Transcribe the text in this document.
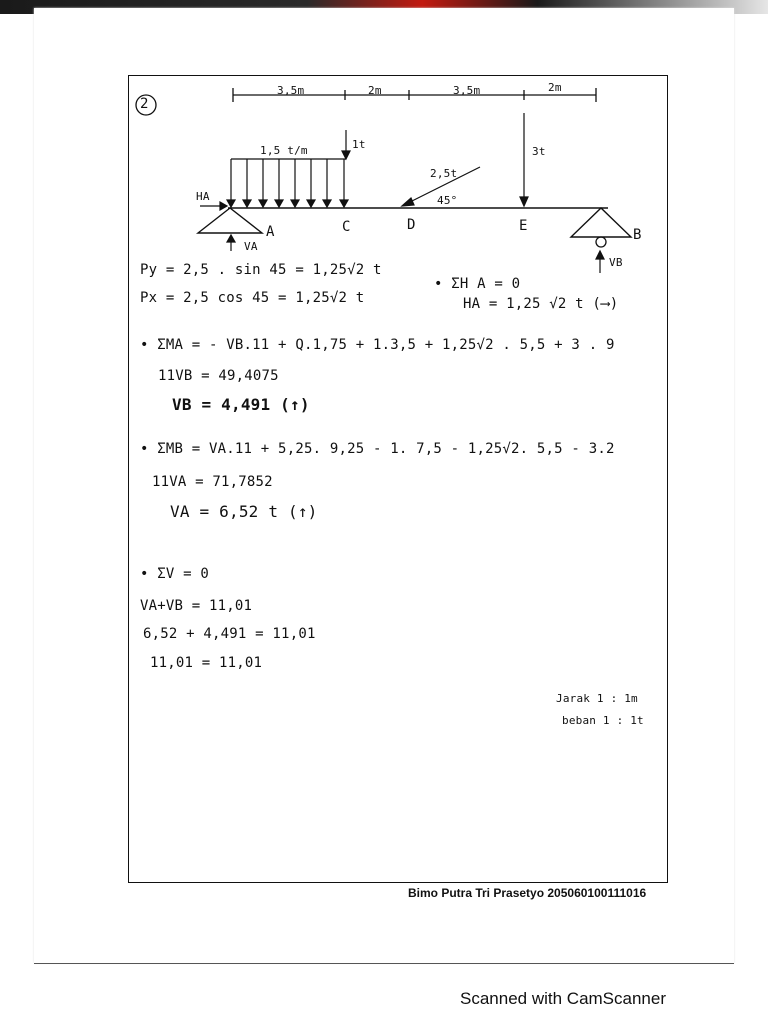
2
3,5m	2m	3,5m	2m
1,5 t/m	1t
2,5t
45°
3t
HA
A
VA
C	D	E
B
VB
Py = 2,5 . sin 45 = 1,25√2 t
Px = 2,5 cos 45 = 1,25√2 t
• ΣH A = 0
HA = 1,25 √2 t (⟶)
• ΣMA = - VB.11 + Q.1,75 + 1.3,5 + 1,25√2 . 5,5 + 3 . 9
11VB = 49,4075
VB = 4,491 (↑)
• ΣMB = VA.11 + 5,25. 9,25 - 1. 7,5 - 1,25√2. 5,5 - 3.2
11VA = 71,7852
VA = 6,52 t (↑)
• ΣV = 0
VA+VB = 11,01
6,52 + 4,491 = 11,01
11,01 = 11,01
Jarak 1 : 1m
beban 1 : 1t
Bimo Putra Tri Prasetyo 205060100111016
Scanned with CamScanner
